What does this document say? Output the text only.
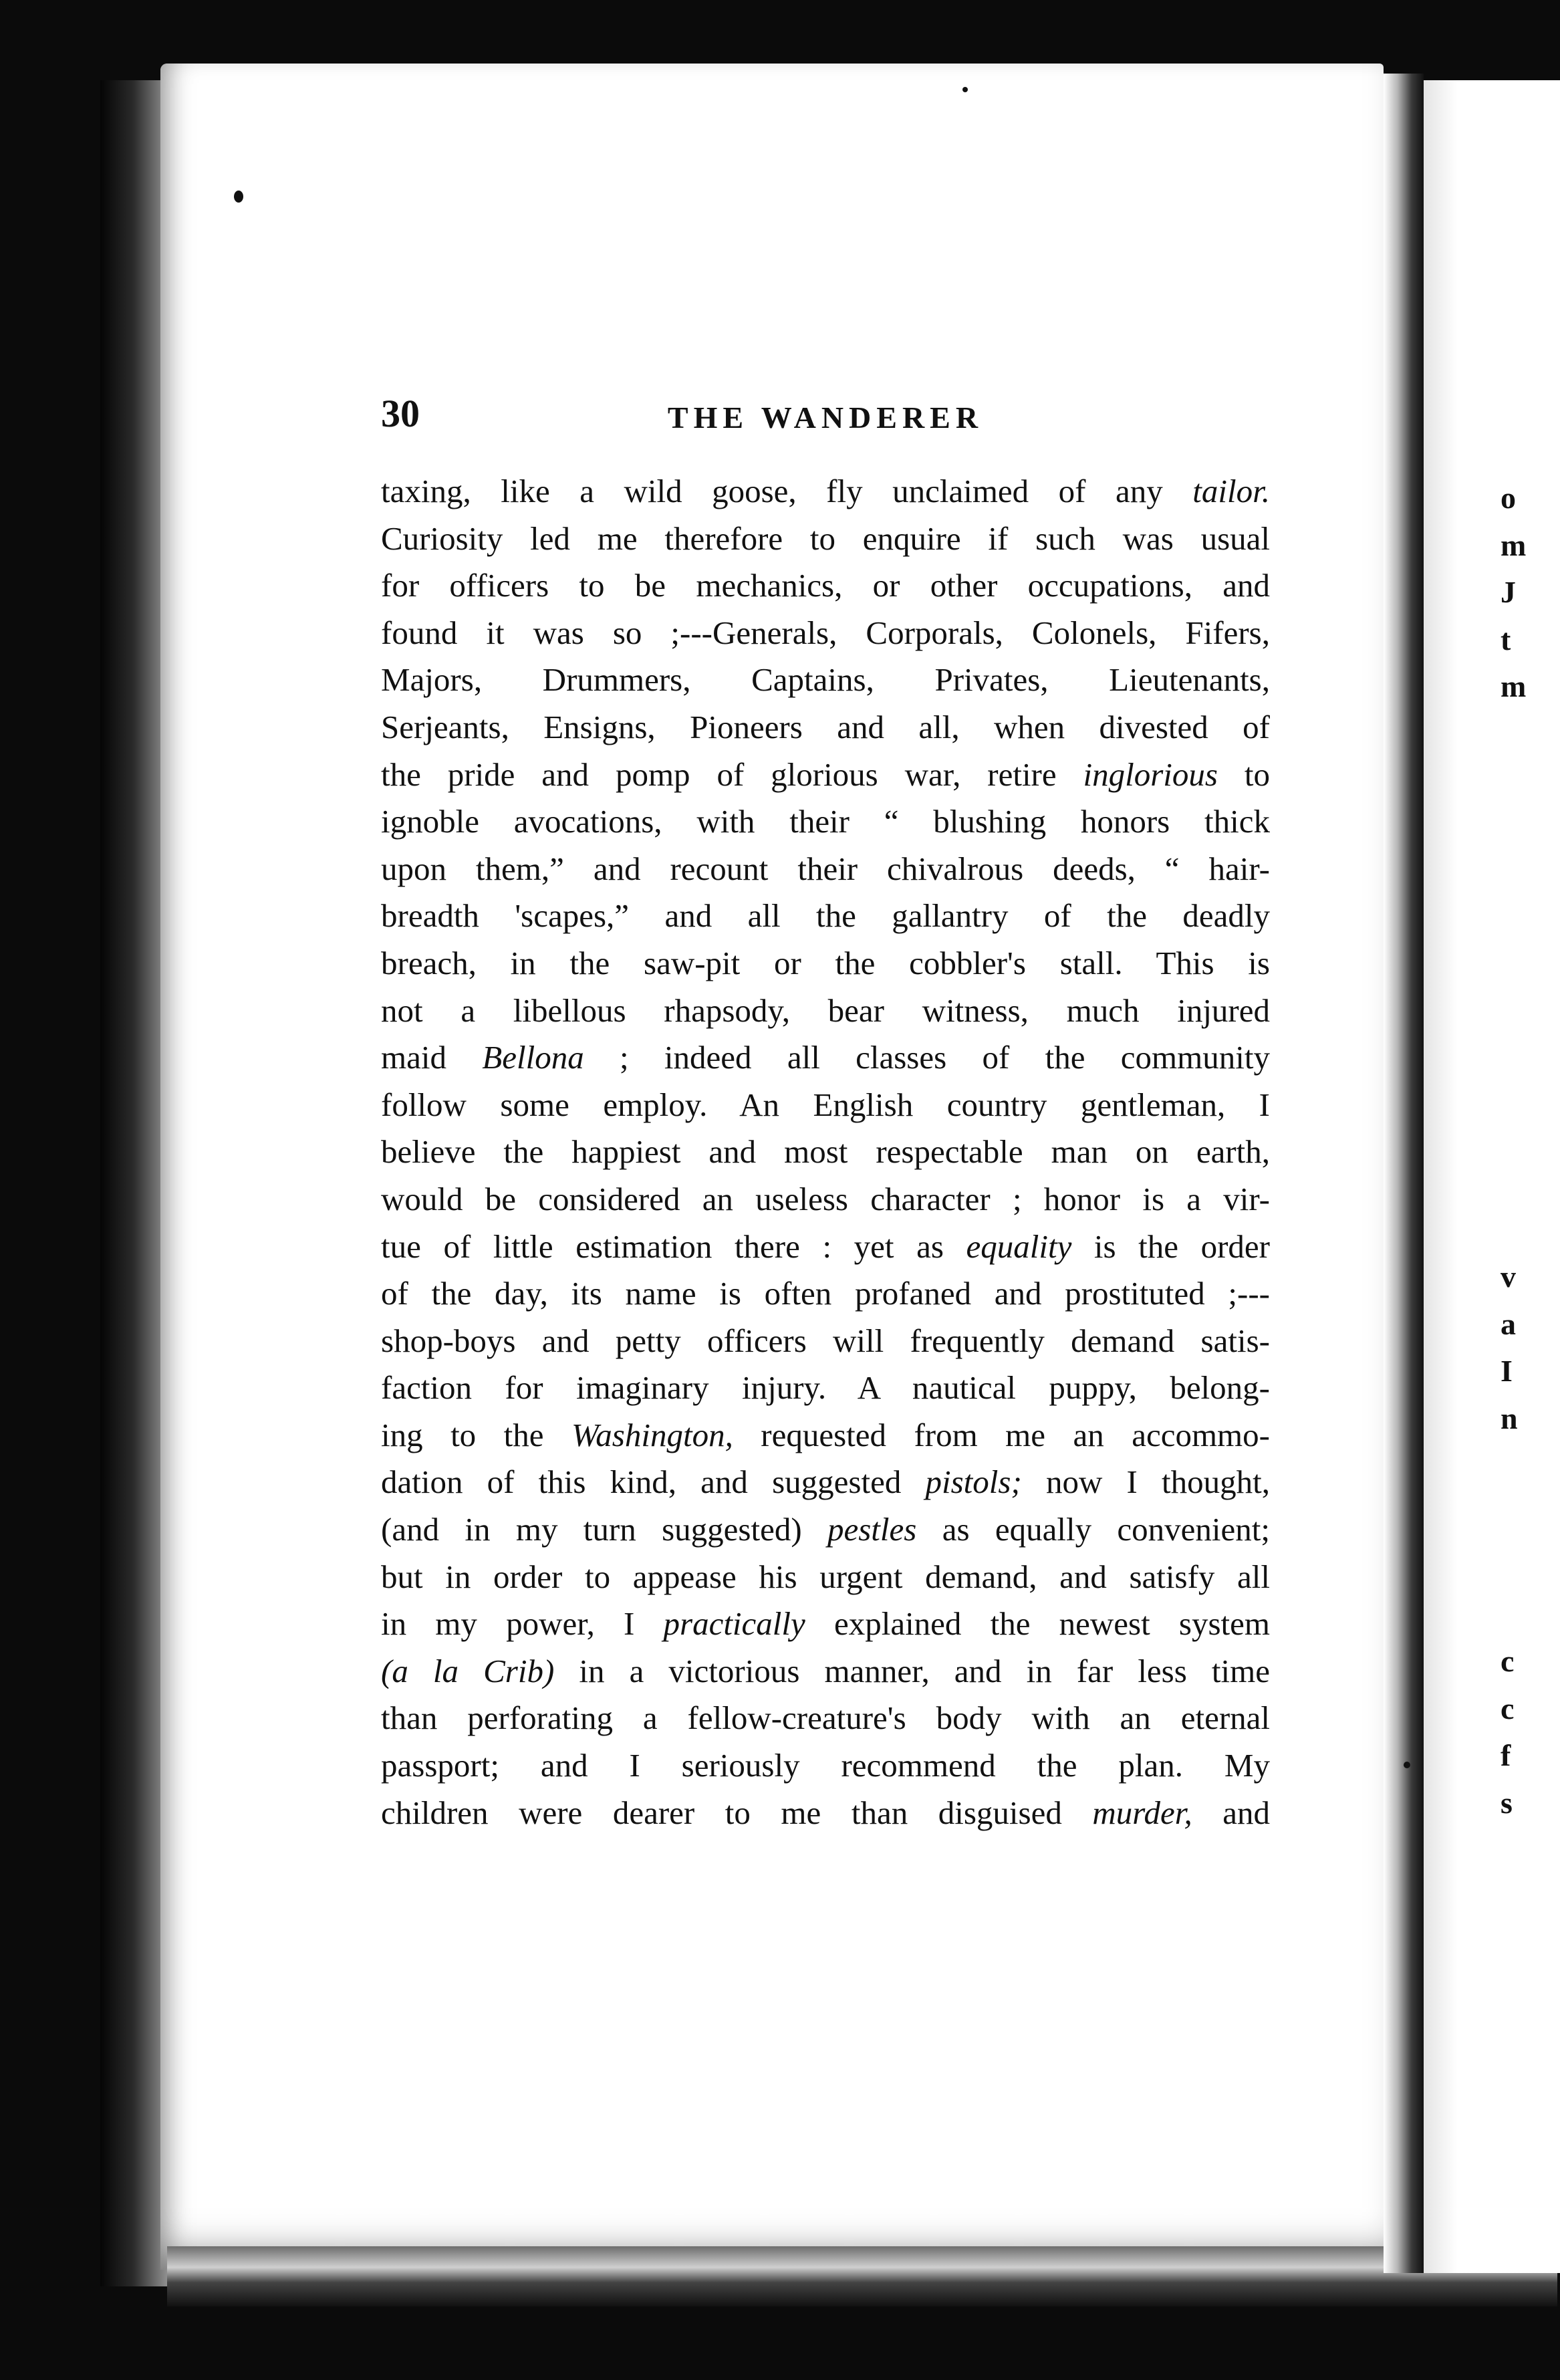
30	THE WANDERER
taxing, like a wild goose, fly unclaimed of any tailor.
Curiosity led me therefore to enquire if such was usual
for officers to be mechanics, or other occupations, and
found it was so ;---Generals, Corporals, Colonels, Fifers,
Majors, Drummers, Captains, Privates, Lieutenants,
Serjeants, Ensigns, Pioneers and all, when divested of
the pride and pomp of glorious war, retire inglorious to
ignoble avocations, with their “ blushing honors thick
upon them,” and recount their chivalrous deeds, “ hair-
breadth 'scapes,” and all the gallantry of the deadly
breach, in the saw-pit or the cobbler's stall. This is
not a libellous rhapsody, bear witness, much injured
maid Bellona ; indeed all classes of the community
follow some employ. An English country gentleman, I
believe the happiest and most respectable man on earth,
would be considered an useless character ; honor is a vir-
tue of little estimation there : yet as equality is the order
of the day, its name is often profaned and prostituted ;---
shop-boys and petty officers will frequently demand satis-
faction for imaginary injury. A nautical puppy, belong-
ing to the Washington, requested from me an accommo-
dation of this kind, and suggested pistols; now I thought,
(and in my turn suggested) pestles as equally convenient;
but in order to appease his urgent demand, and satisfy all
in my power, I practically explained the newest system
(a la Crib) in a victorious manner, and in far less time
than perforating a fellow-creature's body with an eternal
passport; and I seriously recommend the plan. My
children were dearer to me than disguised murder, and
o
m
J
t
m
v
a
I
n
c
c
f
s
